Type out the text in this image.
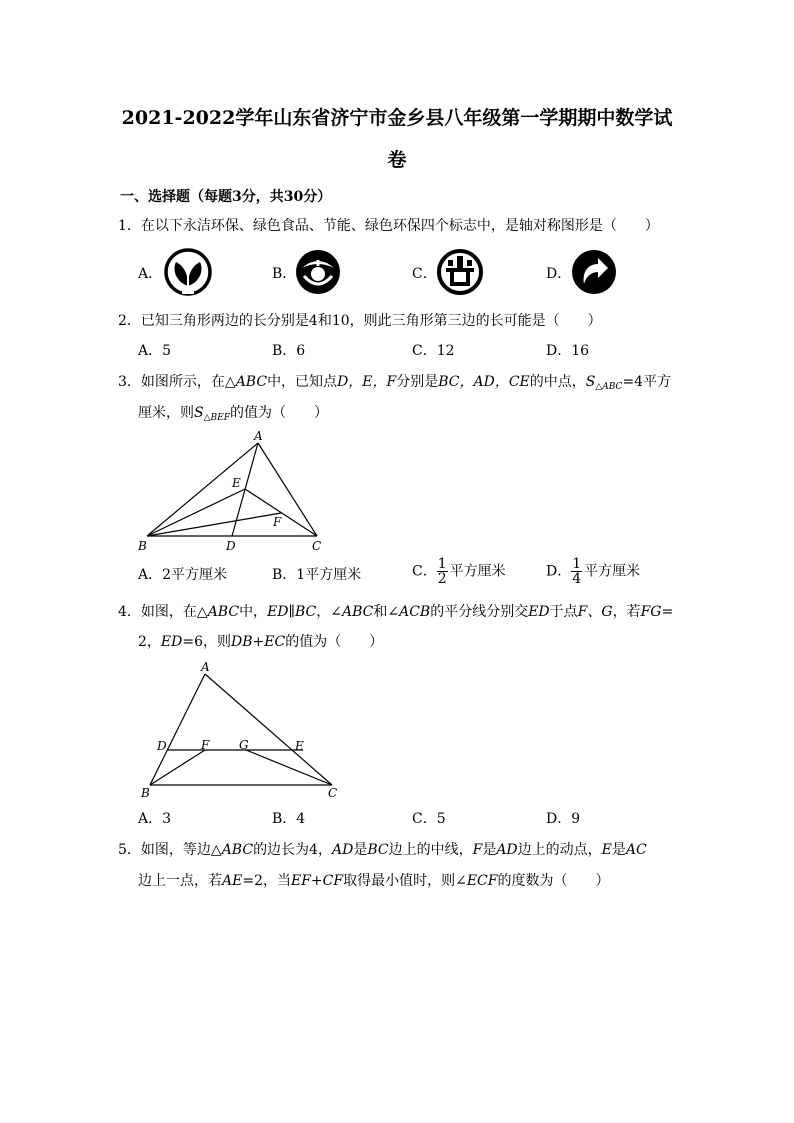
2021-2022学年山东省济宁市金乡县八年级第一学期期中数学试
卷
一、选择题（每题3分，共30分）
1．在以下永洁环保、绿色食品、节能、绿色环保四个标志中，是轴对称图形是（　　）
A．	B．	C．	D．
2．已知三角形两边的长分别是4和10，则此三角形第三边的长可能是（　　）
A．5	B．6	C．12	D．16
3．如图所示，在△ABC中，已知点D，E，F分别是BC，AD，CE的中点，$S_{\triangle ABC}=4$平方
厘米，则$S_{\triangle BEF}$的值为（　　）
A
E
F
B	D	C
A．2平方厘米	B．1平方厘米	C． $\frac{1}{2}$ 平方厘米	D． $\frac{1}{4}$ 平方厘米
4．如图，在△ABC中，ED∥BC，∠ABC和∠ACB的平分线分别交ED于点F、G，若FG=
2，ED=6，则DB+EC的值为（　　）
A
D	F G	E
B	C
A．3	B．4	C．5	D．9
5．如图，等边△ABC的边长为4，AD是BC边上的中线，F是AD边上的动点，E是AC
边上一点，若AE=2，当EF+CF取得最小值时，则∠ECF的度数为（　　）
